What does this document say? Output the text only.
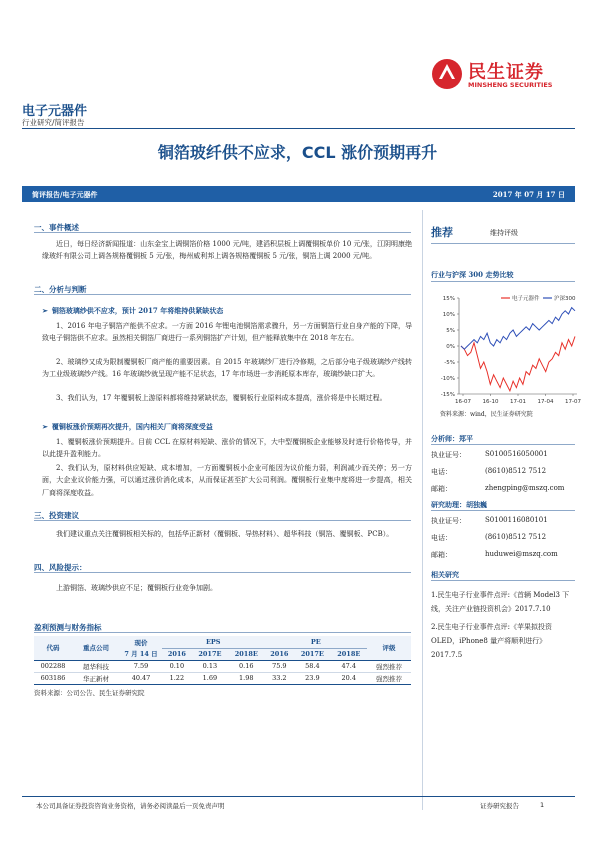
民生证券
MINSHENG SECURITIES
电子元器件
行业研究/简评报告
铜箔玻纤供不应求，CCL 涨价预期再升
简评报告/电子元器件	2017 年 07 月 17 日
一、事件概述
近日，每日经济新闻报道：山东金宝上调铜箔价格 1000 元/吨，建滔积层板上调覆铜板单价 10 元/张，江阴明康绝缘玻纤有限公司上调各规格覆铜板 5 元/张，梅州威利邦上调各规格覆铜板 5 元/张，铜箔上调 2000 元/吨。
二、分析与判断
➢ 铜箔玻璃纱供不应求，预计 2017 年将维持供紧缺状态
1、2016 年电子铜箔产能供不应求。一方面 2016 年锂电池铜箔需求骤升，另一方面铜箔行业自身产能的下降，导致电子铜箔供不应求。虽然相关铜箔厂商进行一系列铜箔扩产计划，但产能释放集中在 2018 年左右。
2、玻璃纱又成为限制覆铜板厂商产能的重要因素。自 2015 年玻璃纱厂进行冷修期，之后部分电子级玻璃纱产线转为工业级玻璃纱产线。16 年玻璃纱就呈现产能不足状态，17 年市场进一步消耗原本库存，玻璃纱缺口扩大。
3、我们认为，17 年覆铜板上游原料都将维持紧缺状态，覆铜板行业原料成本提高，涨价将是中长期过程。
➢ 覆铜板涨价预期再次提升，国内相关厂商将深度受益
1、覆铜板涨价预期提升。目前 CCL 在原材料短缺、涨价的情况下，大中型覆铜板企业能够及时进行价格传导，并以此提升盈利能力。
2、我们认为，原材料供应短缺、成本增加，一方面覆铜板小企业可能因为议价能力弱，利润减少而关停；另一方面，大企业议价能力强，可以通过涨价消化成本，从而保证甚至扩大公司利润。覆铜板行业集中度将进一步提高，相关厂商将深度收益。
三、投资建议
我们建议重点关注覆铜板相关标的，包括华正新材（覆铜板、导热材料）、超华科技（铜箔、覆铜板、PCB）。
四、风险提示：
上游铜箔、玻璃纱供应不足；覆铜板行业竞争加剧。
盈利预测与财务指标
代码	重点公司	现价	EPS			PE			评级
		7 月 14 日	2016	2017E	2018E	2016	2017E	2018E	
002288	超华科技	7.59	0.10	0.13	0.16	75.9	58.4	47.4	强烈推荐
603186	华正新材	40.47	1.22	1.69	1.98	33.2	23.9	20.4	强烈推荐
资料来源：公司公告、民生证券研究院
推荐	维持评级
行业与沪深 300 走势比较
15%
10%
5%
0%
-5%
-10%
-15%
16-07 16-10 17-01 17-04 17-07
电子元器件	沪深300
资料来源：wind，民生证券研究院
分析师：郑平
执业证号：	S0100516050001
电话：	(8610)8512 7512
邮箱：	zhengping@mszq.com
研究助理：胡独巍
执业证号：	S0100116080101
电话：	(8610)8512 7512
邮箱：	huduwei@mszq.com
相关研究
1.民生电子行业事件点评:《首辆 Model3 下线，关注产业链投资机会》2017.7.10
2.民生电子行业事件点评:《苹果拟投资 OLED，iPhone8 量产将顺利进行》2017.7.5
本公司具备证券投资咨询业务资格，请务必阅读最后一页免责声明	证券研究报告	1
